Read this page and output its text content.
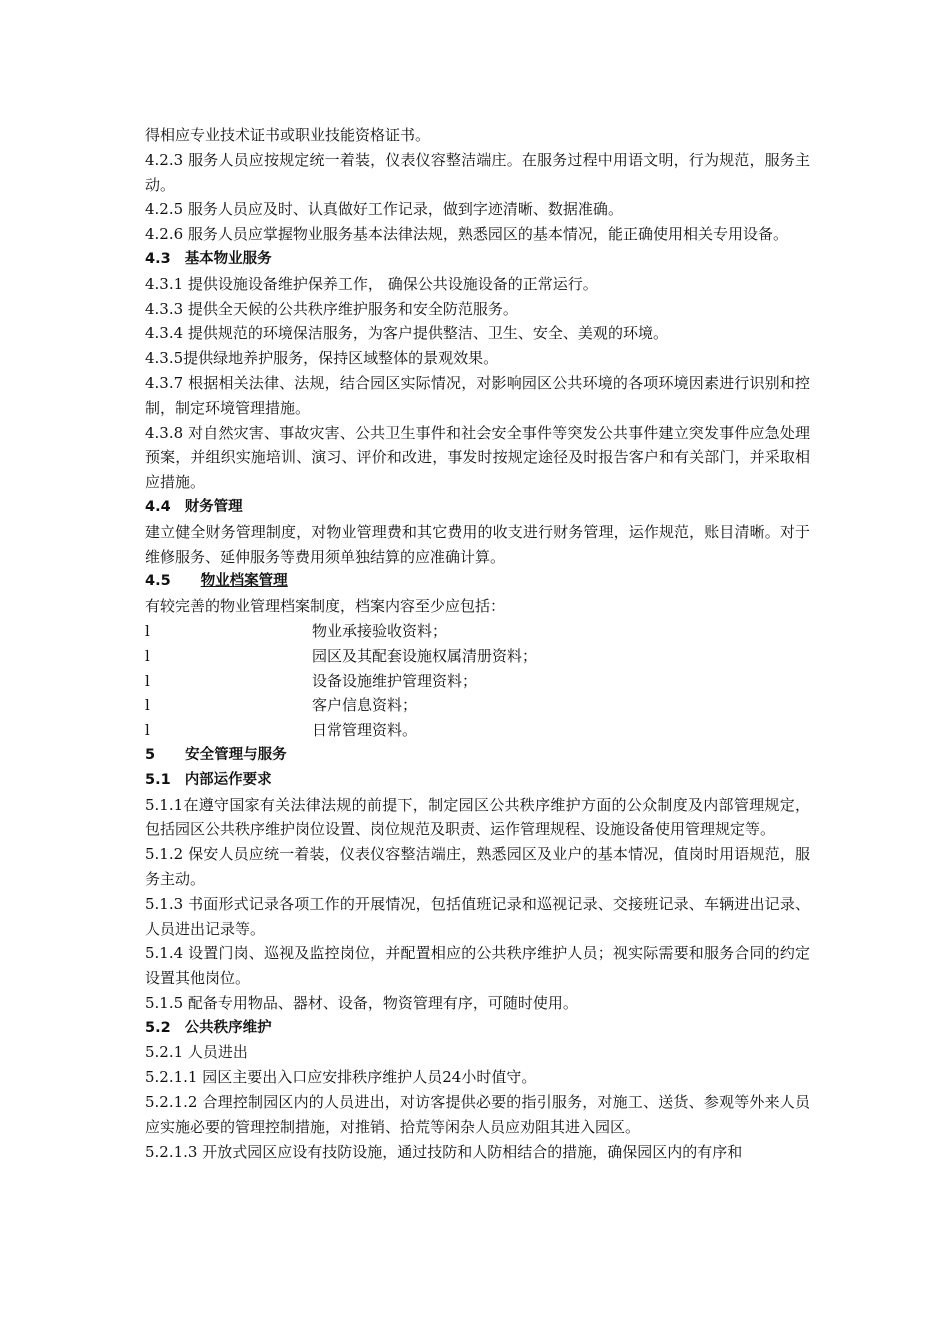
得相应专业技术证书或职业技能资格证书。

4.2.3 服务人员应按规定统一着装，仪表仪容整洁端庄。在服务过程中用语文明，行为规范，服务主动。

4.2.5 服务人员应及时、认真做好工作记录，做到字迹清晰、数据准确。

4.2.6 服务人员应掌握物业服务基本法律法规，熟悉园区的基本情况，能正确使用相关专用设备。

4.3 基本物业服务

4.3.1 提供设施设备维护保养工作， 确保公共设施设备的正常运行。

4.3.3 提供全天候的公共秩序维护服务和安全防范服务。

4.3.4 提供规范的环境保洁服务，为客户提供整洁、卫生、安全、美观的环境。

4.3.5提供绿地养护服务，保持区域整体的景观效果。

4.3.7 根据相关法律、法规，结合园区实际情况，对影响园区公共环境的各项环境因素进行识别和控制，制定环境管理措施。

4.3.8 对自然灾害、事故灾害、公共卫生事件和社会安全事件等突发公共事件建立突发事件应急处理预案，并组织实施培训、演习、评价和改进，事发时按规定途径及时报告客户和有关部门，并采取相应措施。

4.4 财务管理

建立健全财务管理制度，对物业管理费和其它费用的收支进行财务管理，运作规范，账目清晰。对于维修服务、延伸服务等费用须单独结算的应准确计算。

4.5 物业档案管理

有较完善的物业管理档案制度，档案内容至少应包括：

l	物业承接验收资料；
l	园区及其配套设施权属清册资料；
l	设备设施维护管理资料；
l	客户信息资料；
l	日常管理资料。

5 安全管理与服务

5.1 内部运作要求

5.1.1在遵守国家有关法律法规的前提下，制定园区公共秩序维护方面的公众制度及内部管理规定，包括园区公共秩序维护岗位设置、岗位规范及职责、运作管理规程、设施设备使用管理规定等。

5.1.2 保安人员应统一着装，仪表仪容整洁端庄，熟悉园区及业户的基本情况，值岗时用语规范，服务主动。

5.1.3 书面形式记录各项工作的开展情况，包括值班记录和巡视记录、交接班记录、车辆进出记录、人员进出记录等。

5.1.4 设置门岗、巡视及监控岗位，并配置相应的公共秩序维护人员；视实际需要和服务合同的约定设置其他岗位。

5.1.5 配备专用物品、器材、设备，物资管理有序，可随时使用。

5.2 公共秩序维护

5.2.1 人员进出

5.2.1.1 园区主要出入口应安排秩序维护人员24小时值守。

5.2.1.2 合理控制园区内的人员进出，对访客提供必要的指引服务，对施工、送货、参观等外来人员应实施必要的管理控制措施，对推销、拾荒等闲杂人员应劝阻其进入园区。

5.2.1.3 开放式园区应设有技防设施，通过技防和人防相结合的措施，确保园区内的有序和
